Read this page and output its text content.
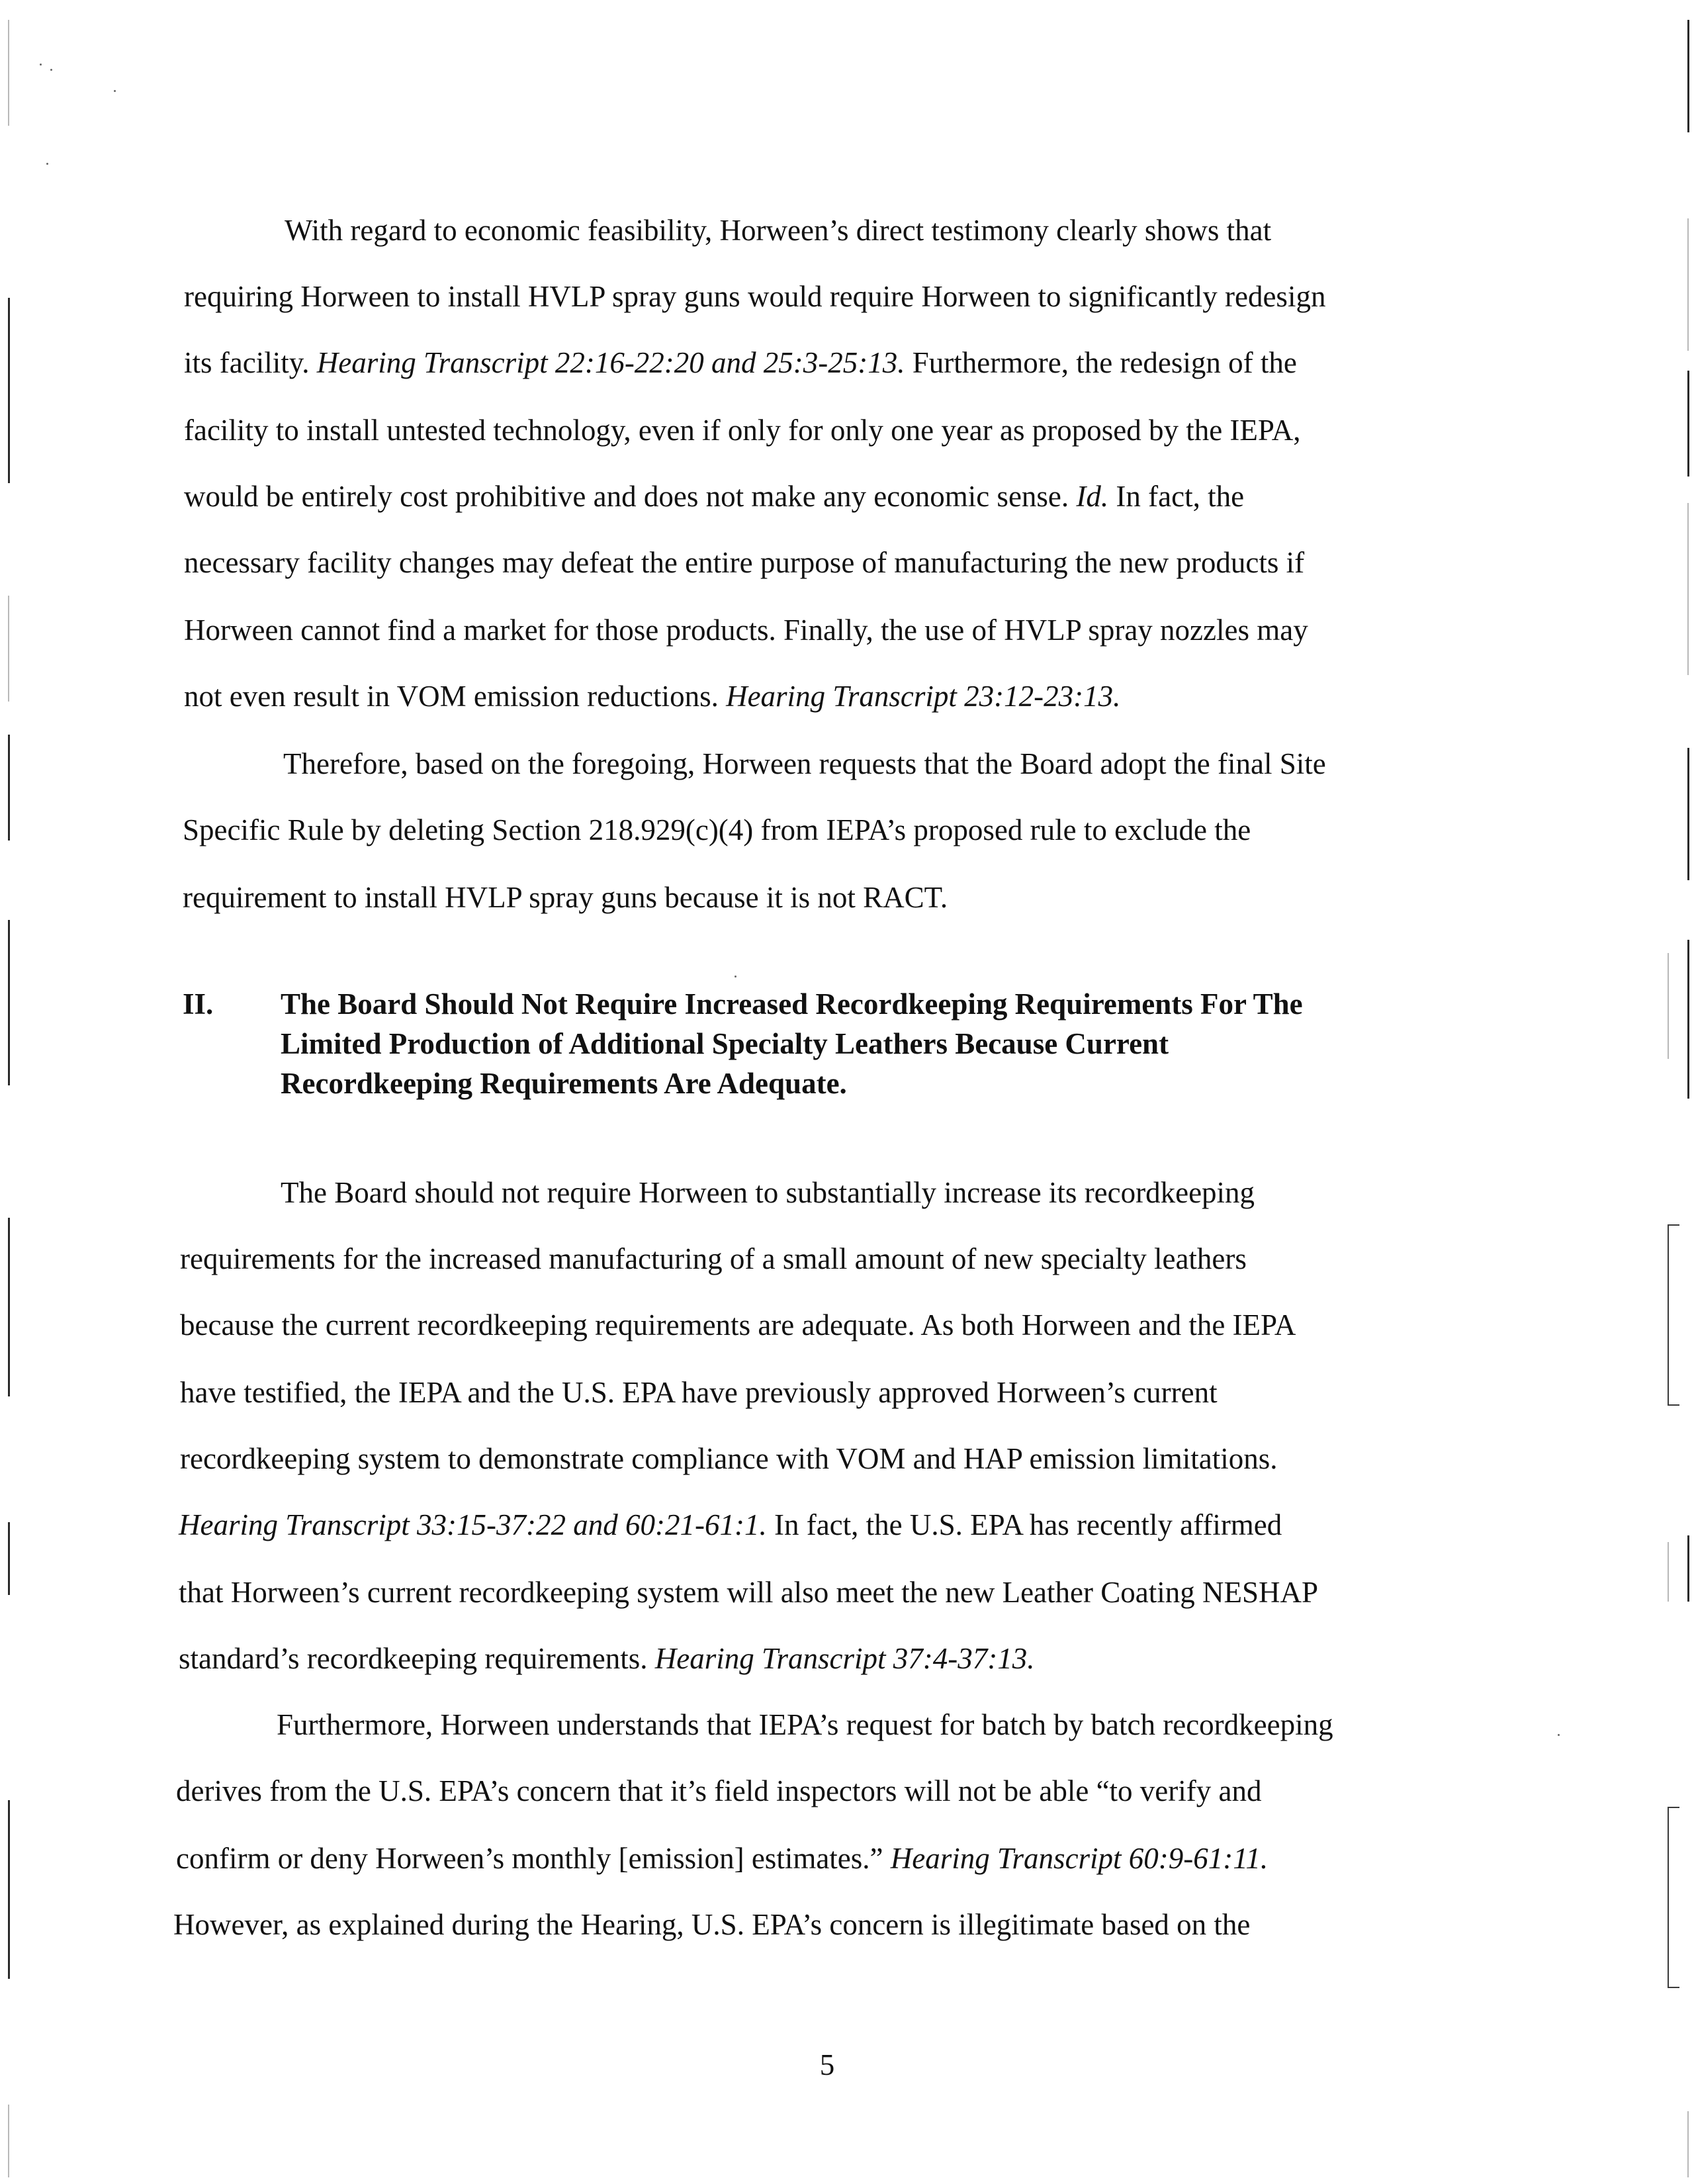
With regard to economic feasibility, Horween’s direct testimony clearly shows that
requiring Horween to install HVLP spray guns would require Horween to significantly redesign
its facility. Hearing Transcript 22:16-22:20 and 25:3-25:13. Furthermore, the redesign of the
facility to install untested technology, even if only for only one year as proposed by the IEPA,
would be entirely cost prohibitive and does not make any economic sense. Id. In fact, the
necessary facility changes may defeat the entire purpose of manufacturing the new products if
Horween cannot find a market for those products. Finally, the use of HVLP spray nozzles may
not even result in VOM emission reductions. Hearing Transcript 23:12-23:13.
Therefore, based on the foregoing, Horween requests that the Board adopt the final Site
Specific Rule by deleting Section 218.929(c)(4) from IEPA’s proposed rule to exclude the
requirement to install HVLP spray guns because it is not RACT.
II. The Board Should Not Require Increased Recordkeeping Requirements For The
Limited Production of Additional Specialty Leathers Because Current
Recordkeeping Requirements Are Adequate.
The Board should not require Horween to substantially increase its recordkeeping
requirements for the increased manufacturing of a small amount of new specialty leathers
because the current recordkeeping requirements are adequate. As both Horween and the IEPA
have testified, the IEPA and the U.S. EPA have previously approved Horween’s current
recordkeeping system to demonstrate compliance with VOM and HAP emission limitations.
Hearing Transcript 33:15-37:22 and 60:21-61:1. In fact, the U.S. EPA has recently affirmed
that Horween’s current recordkeeping system will also meet the new Leather Coating NESHAP
standard’s recordkeeping requirements. Hearing Transcript 37:4-37:13.
Furthermore, Horween understands that IEPA’s request for batch by batch recordkeeping
derives from the U.S. EPA’s concern that it’s field inspectors will not be able “to verify and
confirm or deny Horween’s monthly [emission] estimates.” Hearing Transcript 60:9-61:11.
However, as explained during the Hearing, U.S. EPA’s concern is illegitimate based on the
5
